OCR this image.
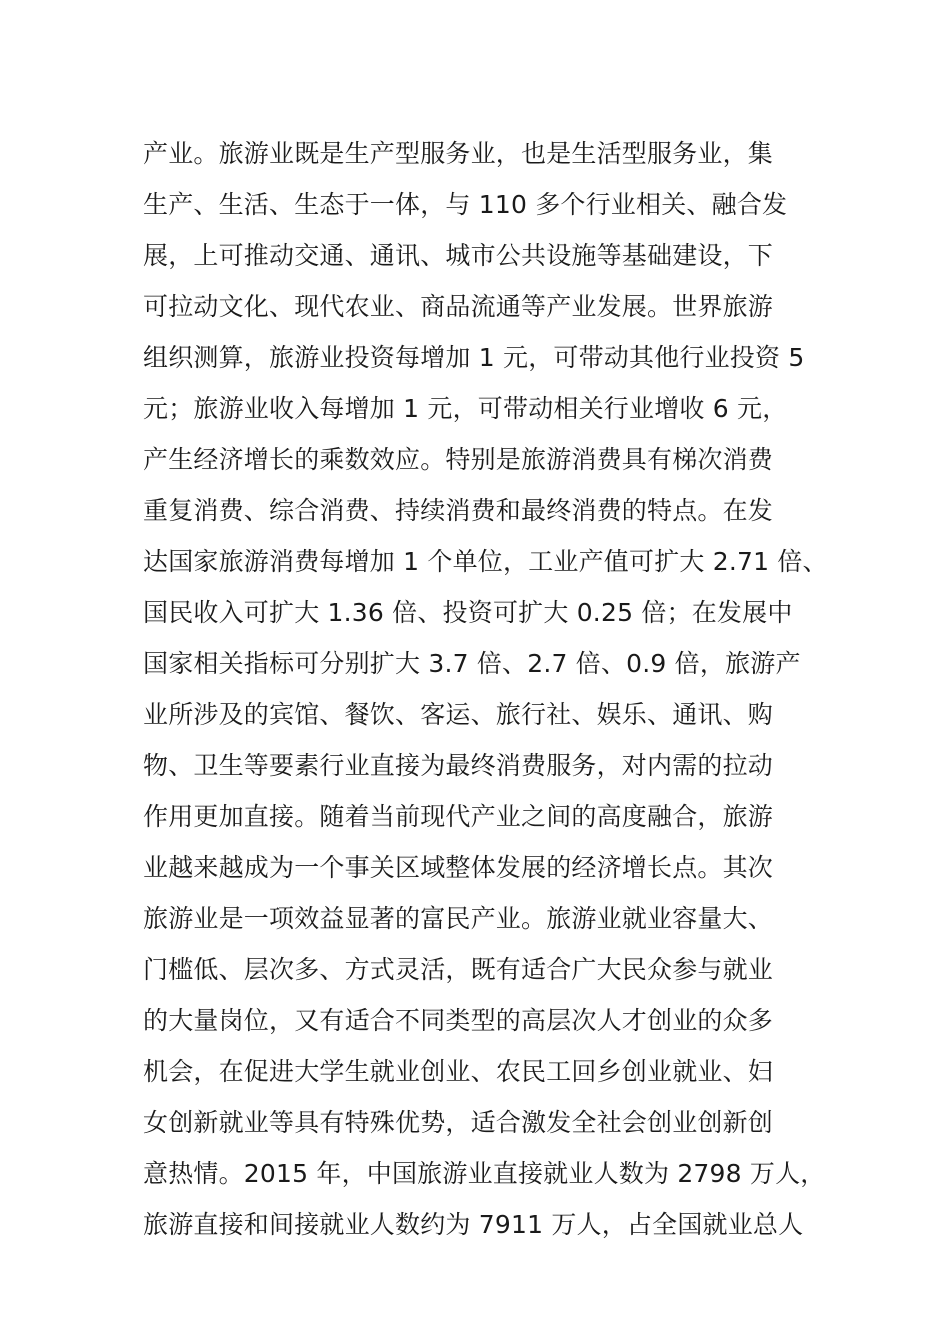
产业。旅游业既是生产型服务业，也是生活型服务业，集
生产、生活、生态于一体，与 110 多个行业相关、融合发
展，上可推动交通、通讯、城市公共设施等基础建设，下
可拉动文化、现代农业、商品流通等产业发展。世界旅游
组织测算，旅游业投资每增加 1 元，可带动其他行业投资 5
元；旅游业收入每增加 1 元，可带动相关行业增收 6 元，
产生经济增长的乘数效应。特别是旅游消费具有梯次消费
重复消费、综合消费、持续消费和最终消费的特点。在发
达国家旅游消费每增加 1 个单位，工业产值可扩大 2.71 倍、
国民收入可扩大 1.36 倍、投资可扩大 0.25 倍；在发展中
国家相关指标可分别扩大 3.7 倍、2.7 倍、0.9 倍，旅游产
业所涉及的宾馆、餐饮、客运、旅行社、娱乐、通讯、购
物、卫生等要素行业直接为最终消费服务，对内需的拉动
作用更加直接。随着当前现代产业之间的高度融合，旅游
业越来越成为一个事关区域整体发展的经济增长点。其次
旅游业是一项效益显著的富民产业。旅游业就业容量大、
门槛低、层次多、方式灵活，既有适合广大民众参与就业
的大量岗位，又有适合不同类型的高层次人才创业的众多
机会，在促进大学生就业创业、农民工回乡创业就业、妇
女创新就业等具有特殊优势，适合激发全社会创业创新创
意热情。2015 年，中国旅游业直接就业人数为 2798 万人，
旅游直接和间接就业人数约为 7911 万人，占全国就业总人
